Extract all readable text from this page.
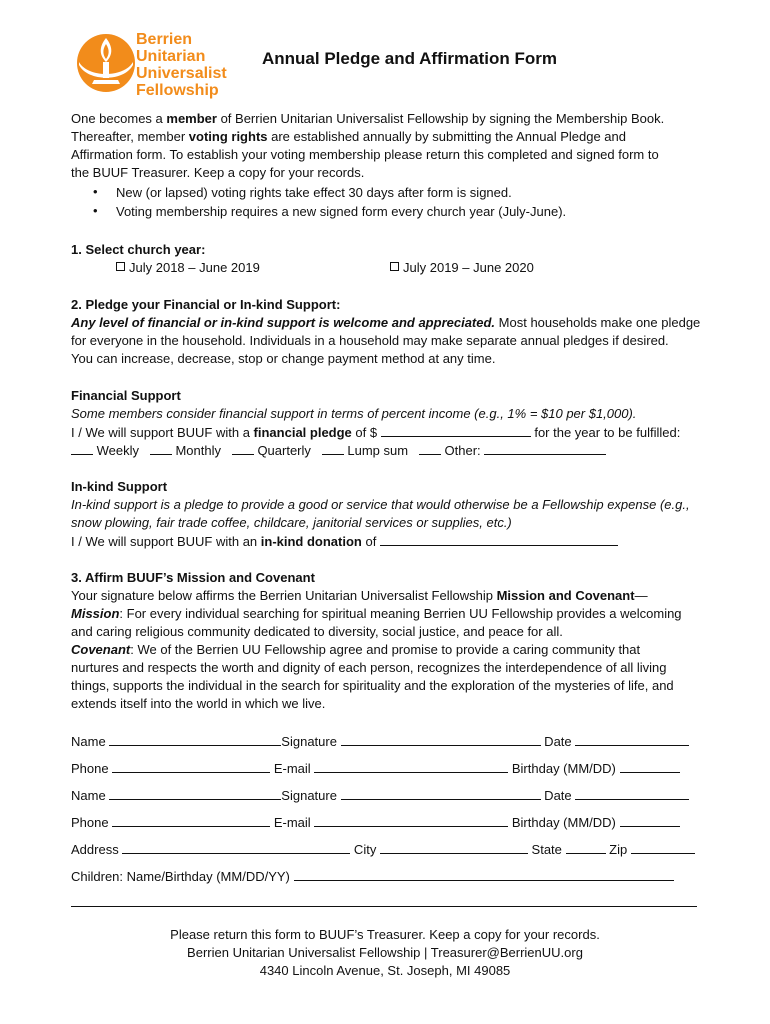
Berrien
Unitarian
Universalist
Fellowship
Annual Pledge and Affirmation Form
One becomes a member of Berrien Unitarian Universalist Fellowship by signing the Membership Book.
Thereafter, member voting rights are established annually by submitting the Annual Pledge and
Affirmation form. To establish your voting membership please return this completed and signed form to
the BUUF Treasurer. Keep a copy for your records.
• New (or lapsed) voting rights take effect 30 days after form is signed.
• Voting membership requires a new signed form every church year (July-June).
1. Select church year:
July 2018 – June 2019	July 2019 – June 2020
2. Pledge your Financial or In-kind Support:
Any level of financial or in-kind support is welcome and appreciated. Most households make one pledge
for everyone in the household. Individuals in a household may make separate annual pledges if desired.
You can increase, decrease, stop or change payment method at any time.
Financial Support
Some members consider financial support in terms of percent income (e.g., 1% = $10 per $1,000).
I / We will support BUUF with a financial pledge of $	for the year to be fulfilled:
Weekly	Monthly	Quarterly	Lump sum	Other:
In-kind Support
In-kind support is a pledge to provide a good or service that would otherwise be a Fellowship expense (e.g.,
snow plowing, fair trade coffee, childcare, janitorial services or supplies, etc.)
I / We will support BUUF with an in-kind donation of
3. Affirm BUUF’s Mission and Covenant
Your signature below affirms the Berrien Unitarian Universalist Fellowship Mission and Covenant—
Mission: For every individual searching for spiritual meaning Berrien UU Fellowship provides a welcoming
and caring religious community dedicated to diversity, social justice, and peace for all.
Covenant: We of the Berrien UU Fellowship agree and promise to provide a caring community that
nurtures and respects the worth and dignity of each person, recognizes the interdependence of all living
things, supports the individual in the search for spirituality and the exploration of the mysteries of life, and
extends itself into the world in which we live.
Name	Signature	Date
Phone	E-mail	Birthday (MM/DD)
Name	Signature	Date
Phone	E-mail	Birthday (MM/DD)
Address	City	State	Zip
Children: Name/Birthday (MM/DD/YY)
Please return this form to BUUF’s Treasurer. Keep a copy for your records.
Berrien Unitarian Universalist Fellowship | Treasurer@BerrienUU.org
4340 Lincoln Avenue, St. Joseph, MI 49085
